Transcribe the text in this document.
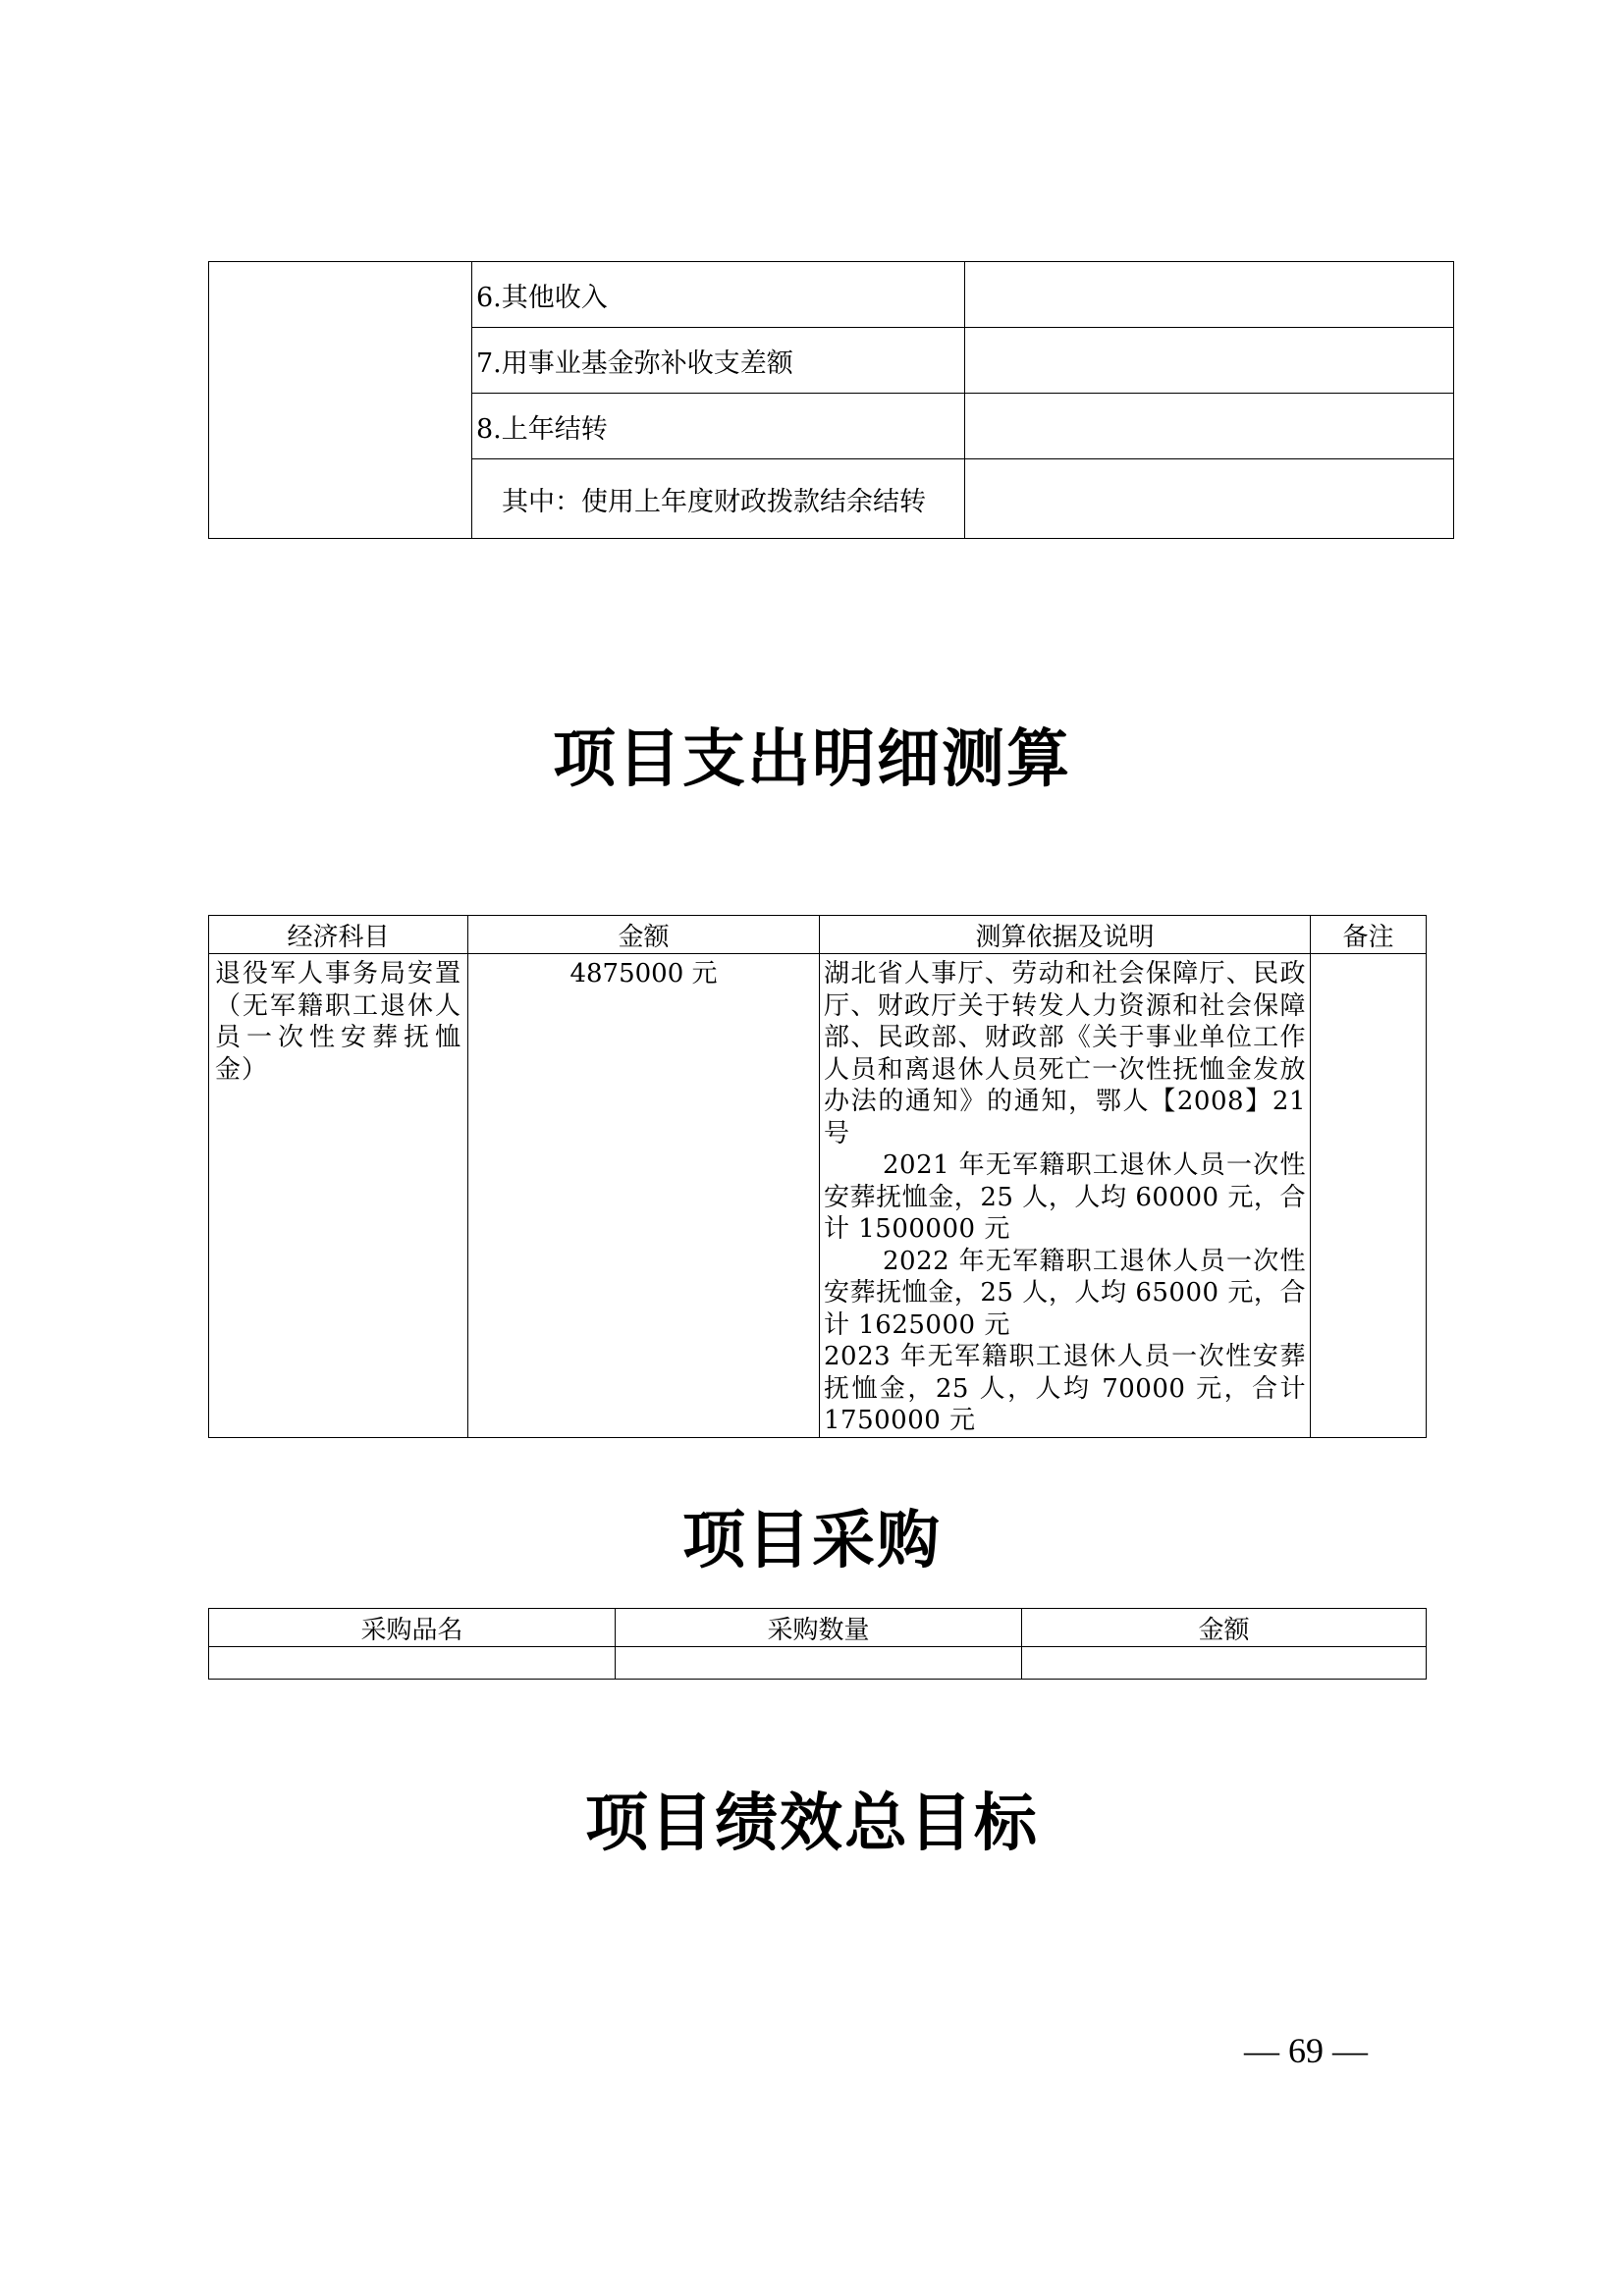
	6.其他收入	
	7.用事业基金弥补收支差额	
	8.上年结转	
	其中：使用上年度财政拨款结余结转	
项目支出明细测算
经济科目	金额	测算依据及说明	备注
退役军人事务局安置（无军籍职工退休人员一次性安葬抚恤金）	4875000 元	湖北省人事厅、劳动和社会保障厅、民政厅、财政厅关于转发人力资源和社会保障部、民政部、财政部《关于事业单位工作人员和离退休人员死亡一次性抚恤金发放办法的通知》的通知，鄂人【2008】21 号
2021 年无军籍职工退休人员一次性安葬抚恤金，25 人，人均 60000 元，合计 1500000 元
2022 年无军籍职工退休人员一次性安葬抚恤金，25 人，人均 65000 元，合计 1625000 元
2023 年无军籍职工退休人员一次性安葬抚恤金，25 人，人均 70000 元，合计 1750000 元	

项目采购
采购品名	采购数量	金额

项目绩效总目标
— 69 —
